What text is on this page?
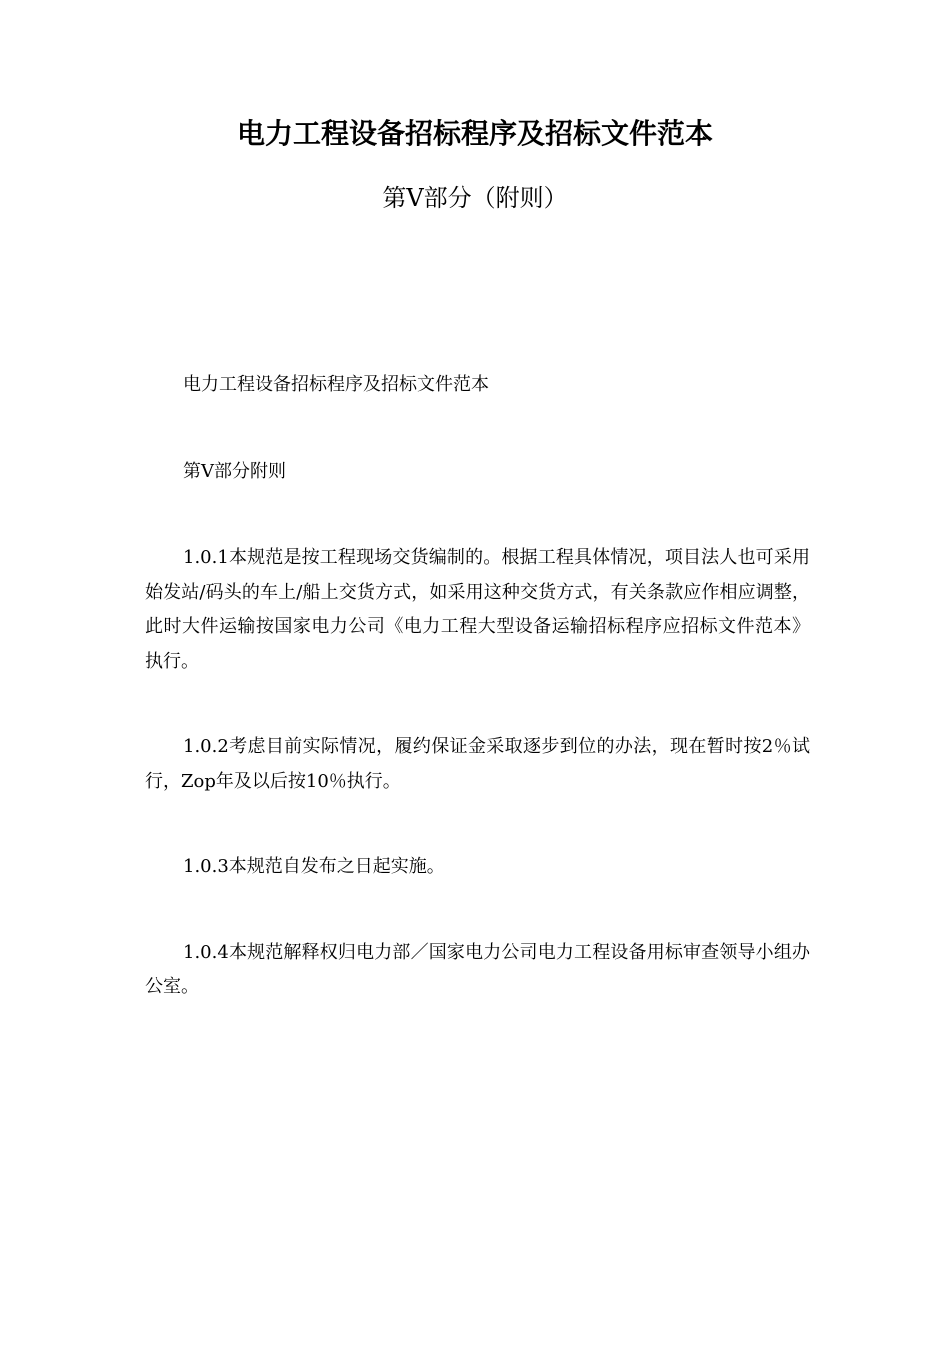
电力工程设备招标程序及招标文件范本
第Ⅴ部分（附则）

电力工程设备招标程序及招标文件范本

第Ⅴ部分附则

1.0.1本规范是按工程现场交货编制的。根据工程具体情况，项目法人也可采用始发站/码头的车上/船上交货方式，如采用这种交货方式，有关条款应作相应调整，此时大件运输按国家电力公司《电力工程大型设备运输招标程序应招标文件范本》执行。

1.0.2考虑目前实际情况，履约保证金采取逐步到位的办法，现在暂时按2％试行，Zop年及以后按10％执行。

1.0.3本规范自发布之日起实施。

1.0.4本规范解释权归电力部／国家电力公司电力工程设备用标审查领导小组办公室。
